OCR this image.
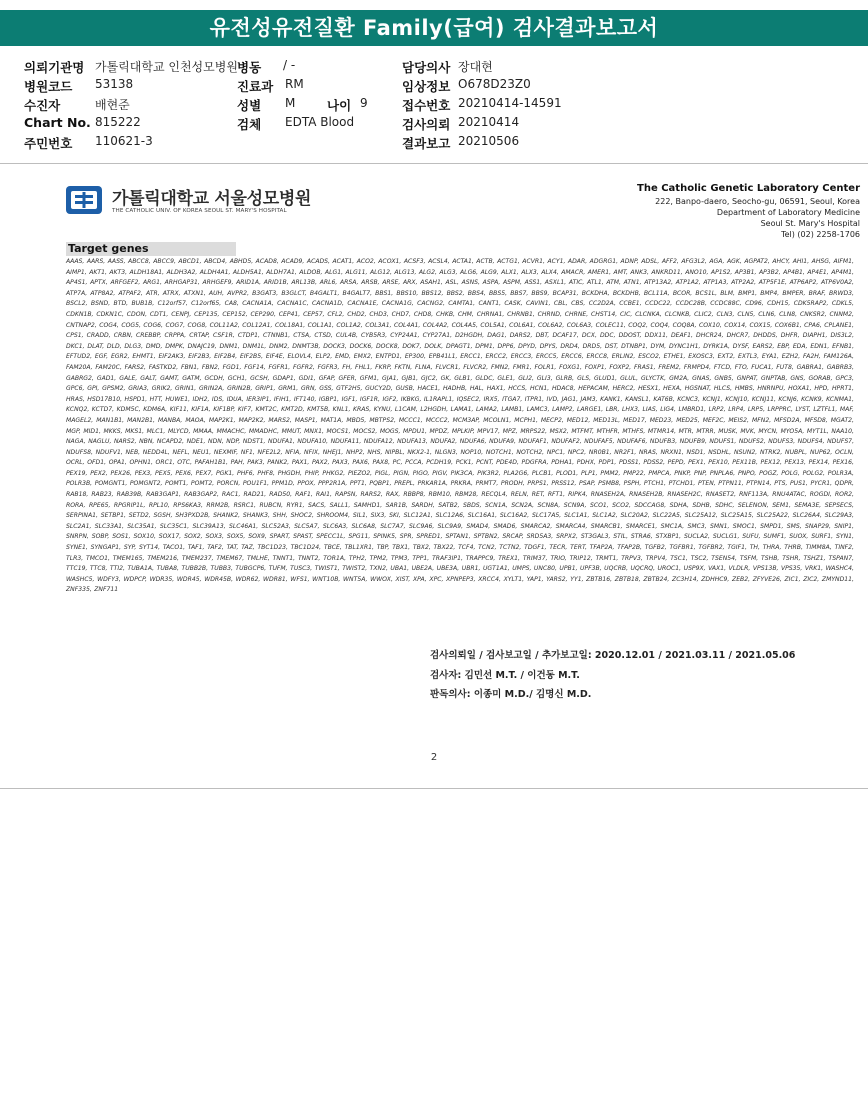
유전성유전질환 Family(급여) 검사결과보고서
의뢰기관명 가톨릭대학교 인천성모병원 병동 / -	담당의사 장대현
병원코드 53138	진료과 RM	임상정보 O678D23Z0
수진자	배현준	성별 M	나이 9	접수번호 20210414-14591
Chart No. 815222	검체 EDTA Blood	검사의뢰 20210414
주민번호 110621-3	결과보고 20210506
가톨릭대학교 서울성모병원
THE CATHOLIC UNIV. OF KOREA SEOUL ST. MARY'S HOSPITAL
The Catholic Genetic Laboratory Center
222, Banpo-daero, Seocho-gu, 06591, Seoul, Korea
Department of Laboratory Medicine
Seoul St. Mary's Hospital
Tel) (02) 2258-1706
Target genes
AAAS, AARS, AASS, ABCC8, ABCC9, ABCD1, ABCD4, ABHD5, ACAD8, ACAD9, ACADS, ACAT1, ACO2, ACOX1, ACSF3, ACSL4, ACTA1, ACTB, ACTG1, ACVR1, ACY1, ADAR, ADGRG1, ADNP, ADSL, AFF2, AFG3L2, AGA, AGK, AGPAT2, AHCY, AHI1, AHSG, AIFM1, AIMP1, AKT1, AKT3, ALDH18A1, ALDH3A2, ALDH4A1, ALDH5A1, ALDH7A1, ALDOB, ALG1, ALG11, ALG12, ALG13, ALG2, ALG3, ALG6, ALG9, ALX1, ALX3, ALX4, AMACR, AMER1, AMT, ANK3, ANKRD11, ANO10, AP1S2, AP3B1, AP3B2, AP4B1, AP4E1, AP4M1, AP4S1, APTX, ARFGEF2, ARG1, ARHGAP31, ARHGEF9, ARID1A, ARID1B, ARL13B, ARL6, ARSA, ARSB, ARSE, ARX, ASAH1, ASL, ASNS, ASPA, ASPM, ASS1, ASXL1, ATIC, ATL1, ATM, ATN1, ATP13A2, ATP1A2, ATP1A3, ATP2A2, ATP5F1E, ATP6AP2, ATP6V0A2, ATP7A, ATP8A2, ATPAF2, ATR, ATRX, ATXN1, AUH, AVPR2, B3GAT3, B3GLCT, B4GALT1, B4GALT7, BBS1, BBS10, BBS12, BBS2, BBS4, BBS5, BBS7, BBS9, BCAP31, BCKDHA, BCKDHB, BCL11A, BCOR, BCS1L, BLM, BMP1, BMP4, BMPER, BRAF, BRWD3, BSCL2, BSND, BTD, BUB1B, C12orf57, C12orf65, CA8, CACNA1A, CACNA1C, CACNA1D, CACNA1E, CACNA1G, CACNG2, CAMTA1, CANT1, CASK, CAVIN1, CBL, CBS, CC2D2A, CCBE1, CCDC22, CCDC28B, CCDC88C, CD96, CDH15, CDK5RAP2, CDKL5, CDKN1B, CDKN1C, CDON, CDT1, CENPJ, CEP135, CEP152, CEP290, CEP41, CEP57, CFL2, CHD2, CHD3, CHD7, CHD8, CHKB, CHM, CHRNA1, CHRNB1, CHRND, CHRNE, CHST14, CIC, CLCNKA, CLCNKB, CLIC2, CLN3, CLN5, CLN6, CLN8, CNKSR2, CNNM2, CNTNAP2, COG4, COG5, COG6, COG7, COG8, COL11A2, COL12A1, COL18A1, COL1A1, COL1A2, COL3A1, COL4A1, COL4A2, COL4A5, COL5A1, COL6A1, COL6A2, COL6A3, COLEC11, COQ2, COQ4, COQ8A, COX10, COX14, COX15, COX6B1, CPA6, CPLANE1, CPS1, CRADD, CRBN, CREBBP, CRPPA, CRTAP, CSF1R, CTDP1, CTNNB1, CTSA, CTSD, CUL4B, CYB5R3, CYP24A1, CYP27A1, D2HGDH, DAG1, DARS2, DBT, DCAF17, DCX, DDC, DDOST, DDX11, DEAF1, DHCR24, DHCR7, DHDDS, DHFR, DIAPH1, DIS3L2, DKC1, DLAT, DLD, DLG3, DMD, DMPK, DNAJC19, DNM1, DNM1L, DNM2, DNMT3B, DOCK3, DOCK6, DOCK8, DOK7, DOLK, DPAGT1, DPM1, DPP6, DPYD, DPYS, DRD4, DRD5, DST, DTNBP1, DYM, DYNC1H1, DYRK1A, DYSF, EARS2, EBP, EDA, EDN1, EFNB1, EFTUD2, EGF, EGR2, EHMT1, EIF2AK3, EIF2B3, EIF2B4, EIF2B5, EIF4E, ELOVL4, ELP2, EMD, EMX2, ENTPD1, EP300, EPB41L1, ERCC1, ERCC2, ERCC3, ERCC5, ERCC6, ERCC8, ERLIN2, ESCO2, ETHE1, EXOSC3, EXT2, EXTL3, EYA1, EZH2, FA2H, FAM126A, FAM20A, FAM20C, FARS2, FASTKD2, FBN1, FBN2, FGD1, FGF14, FGFR1, FGFR2, FGFR3, FH, FHL1, FKRP, FKTN, FLNA, FLVCR1, FLVCR2, FMN2, FMR1, FOLR1, FOXG1, FOXP1, FOXP2, FRAS1, FREM2, FRMPD4, FTCD, FTO, FUCA1, FUT8, GABRA1, GABRB3, GABRG2, GAD1, GALE, GALT, GAMT, GATM, GCDH, GCH1, GCSH, GDAP1, GDI1, GFAP, GFER, GFM1, GJA1, GJB1, GJC2, GK, GLB1, GLDC, GLE1, GLI2, GLI3, GLRB, GLS, GLUD1, GLUL, GLYCTK, GM2A, GNAS, GNB5, GNPAT, GNPTAB, GNS, GORAB, GPC3, GPC6, GPI, GPSM2, GRIA3, GRIK2, GRIN1, GRIN2A, GRIN2B, GRIP1, GRM1, GRN, GSS, GTF2H5, GUCY2D, GUSB, HACE1, HADHB, HAL, HAX1, HCCS, HCN1, HDAC8, HEPACAM, HERC2, HESX1, HEXA, HGSNAT, HLCS, HMBS, HNRNPU, HOXA1, HPD, HPRT1, HRAS, HSD17B10, HSPD1, HTT, HUWE1, IDH2, IDS, IDUA, IER3IP1, IFIH1, IFT140, IGBP1, IGF1, IGF1R, IGF2, IKBKG, IL1RAPL1, IQSEC2, IRX5, ITGA7, ITPR1, IVD, JAG1, JAM3, KANK1, KANSL1, KAT6B, KCNC3, KCNJ1, KCNJ10, KCNJ11, KCNJ6, KCNK9, KCNMA1, KCNQ2, KCTD7, KDM5C, KDM6A, KIF11, KIF1A, KIF1BP, KIF7, KMT2C, KMT2D, KMT5B, KNL1, KRAS, KYNU, L1CAM, L2HGDH, LAMA1, LAMA2, LAMB1, LAMC3, LAMP2, LARGE1, LBR, LHX3, LIAS, LIG4, LMBRD1, LRP2, LRP4, LRP5, LRPPRC, LYST, LZTFL1, MAF, MAGEL2, MAN1B1, MAN2B1, MANBA, MAOA, MAP2K1, MAP2K2, MARS2, MASP1, MAT1A, MBD5, MBTPS2, MCCC1, MCCC2, MCM3AP, MCOLN1, MCPH1, MECP2, MED12, MED13L, MED17, MED23, MED25, MEF2C, MEIS2, MFN2, MFSD2A, MFSD8, MGAT2, MGP, MID1, MKKS, MKS1, MLC1, MLYCD, MMAA, MMACHC, MMADHC, MMUT, MNX1, MOCS1, MOCS2, MOGS, MPDU1, MPDZ, MPLKIP, MPV17, MPZ, MRPS22, MSX2, MTFMT, MTHFR, MTHFS, MTMR14, MTR, MTRR, MUSK, MVK, MYCN, MYO5A, MYT1L, NAA10, NAGA, NAGLU, NARS2, NBN, NCAPD2, NDE1, NDN, NDP, NDST1, NDUFA1, NDUFA10, NDUFA11, NDUFA12, NDUFA13, NDUFA2, NDUFA6, NDUFA9, NDUFAF1, NDUFAF2, NDUFAF5, NDUFAF6, NDUFB3, NDUFB9, NDUFS1, NDUFS2, NDUFS3, NDUFS4, NDUFS7, NDUFS8, NDUFV1, NEB, NEDD4L, NEFL, NEU1, NEXMIF, NF1, NFE2L2, NFIA, NFIX, NHEJ1, NHP2, NHS, NIPBL, NKX2-1, NLGN3, NOP10, NOTCH1, NOTCH2, NPC1, NPC2, NR0B1, NR2F1, NRAS, NRXN1, NSD1, NSDHL, NSUN2, NTRK2, NUBPL, NUP62, OCLN, OCRL, OFD1, OPA1, OPHN1, ORC1, OTC, PAFAH1B1, PAH, PAK3, PANK2, PAX1, PAX2, PAX3, PAX6, PAX8, PC, PCCA, PCDH19, PCK1, PCNT, PDE4D, PDGFRA, PDHA1, PDHX, PDP1, PDSS1, PDSS2, PEPD, PEX1, PEX10, PEX11B, PEX12, PEX13, PEX14, PEX16, PEX19, PEX2, PEX26, PEX3, PEX5, PEX6, PEX7, PGK1, PHF6, PHF8, PHGDH, PHIP, PHKG2, PIEZO2, PIGL, PIGN, PIGO, PIGV, PIK3CA, PIK3R2, PLA2G6, PLCB1, PLOD1, PLP1, PMM2, PMP22, PMPCA, PNKP, PNP, PNPLA6, PNPO, POGZ, POLG, POLG2, POLR3A, POLR3B, POMGNT1, POMGNT2, POMT1, POMT2, PORCN, POU1F1, PPM1D, PPOX, PPP2R1A, PPT1, PQBP1, PREPL, PRKAR1A, PRKRA, PRMT7, PRODH, PRPS1, PRSS12, PSAP, PSMB8, PSPH, PTCH1, PTCHD1, PTEN, PTPN11, PTPN14, PTS, PUS1, PYCR1, QDPR, RAB18, RAB23, RAB39B, RAB3GAP1, RAB3GAP2, RAC1, RAD21, RAD50, RAF1, RAI1, RAPSN, RARS2, RAX, RBBP8, RBM10, RBM28, RECQL4, RELN, RET, RFT1, RIPK4, RNASEH2A, RNASEH2B, RNASEH2C, RNASET2, RNF113A, RNU4ATAC, ROGDI, ROR2, RORA, RPE65, RPGRIP1L, RPL10, RPS6KA3, RRM2B, RSRC1, RUBCN, RYR1, SACS, SALL1, SAMHD1, SAR1B, SARDH, SATB2, SBDS, SCN1A, SCN2A, SCN8A, SCN9A, SCO1, SCO2, SDCCAG8, SDHA, SDHB, SDHC, SELENON, SEM1, SEMA3E, SEPSECS, SERPINA1, SETBP1, SETD2, SGSH, SH3PXD2B, SHANK2, SHANK3, SHH, SHOC2, SHROOM4, SIL1, SIX3, SKI, SLC12A1, SLC12A6, SLC16A1, SLC16A2, SLC17A5, SLC1A1, SLC1A2, SLC20A2, SLC22A5, SLC25A12, SLC25A15, SLC25A22, SLC26A4, SLC29A3, SLC2A1, SLC33A1, SLC35A1, SLC35C1, SLC39A13, SLC46A1, SLC52A3, SLC5A7, SLC6A3, SLC6A8, SLC7A7, SLC9A6, SLC9A9, SMAD4, SMAD6, SMARCA2, SMARCA4, SMARCB1, SMARCE1, SMC1A, SMC3, SMN1, SMOC1, SMPD1, SMS, SNAP29, SNIP1, SNRPN, SOBP, SOS1, SOX10, SOX17, SOX2, SOX3, SOX5, SOX9, SPART, SPAST, SPECC1L, SPG11, SPINK5, SPR, SPRED1, SPTAN1, SPTBN2, SRCAP, SRD5A3, SRPX2, ST3GAL3, STIL, STRA6, STXBP1, SUCLA2, SUCLG1, SUFU, SUMF1, SUOX, SURF1, SYN1, SYNE1, SYNGAP1, SYP, SYT14, TACO1, TAF1, TAF2, TAT, TAZ, TBC1D23, TBC1D24, TBCE, TBL1XR1, TBP, TBX1, TBX2, TBX22, TCF4, TCN2, TCTN2, TDGF1, TECR, TERT, TFAP2A, TFAP2B, TGFB2, TGFBR1, TGFBR2, TGIF1, TH, THRA, THRB, TIMM8A, TINF2, TLR3, TMCO1, TMEM165, TMEM216, TMEM237, TMEM67, TMLHE, TNNT1, TNNT2, TOR1A, TPH2, TPM2, TPM3, TPP1, TRAF3IP1, TRAPPC9, TREX1, TRIM37, TRIO, TRIP12, TRMT1, TRPV3, TRPV4, TSC1, TSC2, TSEN54, TSFM, TSHB, TSHR, TSHZ1, TSPAN7, TTC19, TTC8, TTI2, TUBA1A, TUBA8, TUBB2B, TUBB3, TUBGCP6, TUFM, TUSC3, TWIST1, TWIST2, TXN2, UBA1, UBE2A, UBE3A, UBR1, UGT1A1, UMPS, UNC80, UPB1, UPF3B, UQCRB, UQCRQ, UROC1, USP9X, VAX1, VLDLR, VPS13B, VPS35, VRK1, WASHC4, WASHC5, WDFY3, WDPCP, WDR35, WDR45, WDR45B, WDR62, WDR81, WFS1, WNT10B, WNT5A, WWOX, XIST, XPA, XPC, XPNPEP3, XRCC4, XYLT1, YAP1, YARS2, YY1, ZBTB16, ZBTB18, ZBTB24, ZC3H14, ZDHHC9, ZEB2, ZFYVE26, ZIC1, ZIC2, ZMYND11, ZNF335, ZNF711
검사의뢰일 / 검사보고일 / 추가보고일: 2020.12.01 / 2021.03.11 / 2021.05.06
검사자: 김민선 M.T. / 이건동 M.T.
판독의사: 이종미 M.D./ 김명신 M.D.
2
